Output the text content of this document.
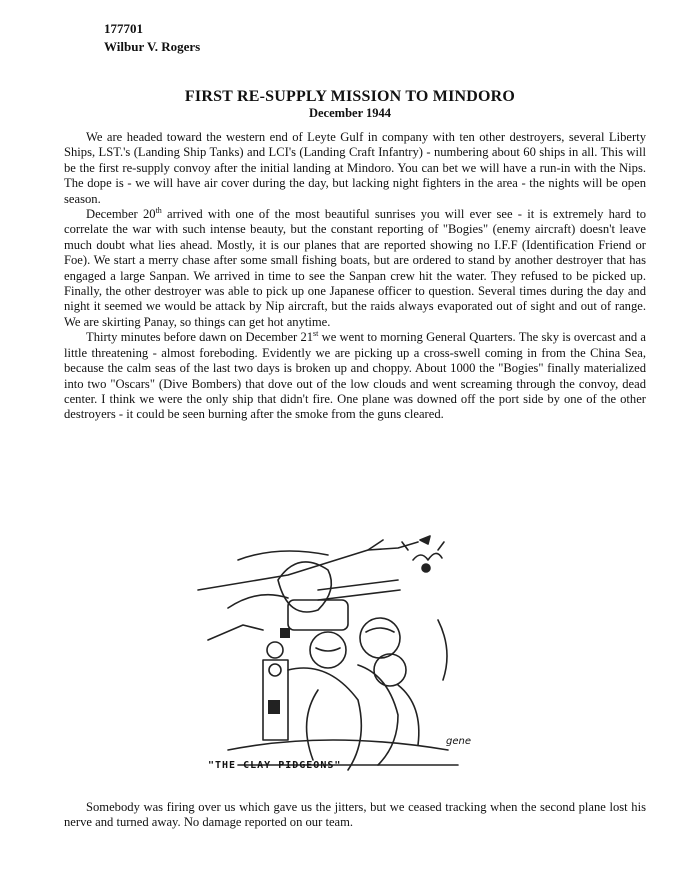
177701
Wilbur V. Rogers
FIRST RE-SUPPLY MISSION TO MINDORO
December 1944

We are headed toward the western end of Leyte Gulf in company with ten other destroyers, several Liberty Ships, LST.'s (Landing Ship Tanks) and LCI's (Landing Craft Infantry) - numbering about 60 ships in all. This will be the first re-supply convoy after the initial landing at Mindoro. You can bet we will have a run-in with the Nips. The dope is - we will have air cover during the day, but lacking night fighters in the area - the nights will be open season.

December 20th arrived with one of the most beautiful sunrises you will ever see - it is extremely hard to correlate the war with such intense beauty, but the constant reporting of "Bogies" (enemy aircraft) doesn't leave much doubt what lies ahead. Mostly, it is our planes that are reported showing no I.F.F (Identification Friend or Foe). We start a merry chase after some small fishing boats, but are ordered to stand by another destroyer that has engaged a large Sanpan. We arrived in time to see the Sanpan crew hit the water. They refused to be picked up. Finally, the other destroyer was able to pick up one Japanese officer to question. Several times during the day and night it seemed we would be attack by Nip aircraft, but the raids always evaporated out of sight and out of range. We are skirting Panay, so things can get hot anytime.

Thirty minutes before dawn on December 21st we went to morning General Quarters. The sky is overcast and a little threatening - almost foreboding. Evidently we are picking up a cross-swell coming in from the China Sea, because the calm seas of the last two days is broken up and choppy. About 1000 the "Bogies" finally materialized into two "Oscars" (Dive Bombers) that dove out of the low clouds and went screaming through the convoy, dead center. I think we were the only ship that didn't fire. One plane was downed off the port side by one of the other destroyers - it could be seen burning after the smoke from the guns cleared.

gene
"THE CLAY PIDGEONS"

Somebody was firing over us which gave us the jitters, but we ceased tracking when the second plane lost his nerve and turned away. No damage reported on our team.
